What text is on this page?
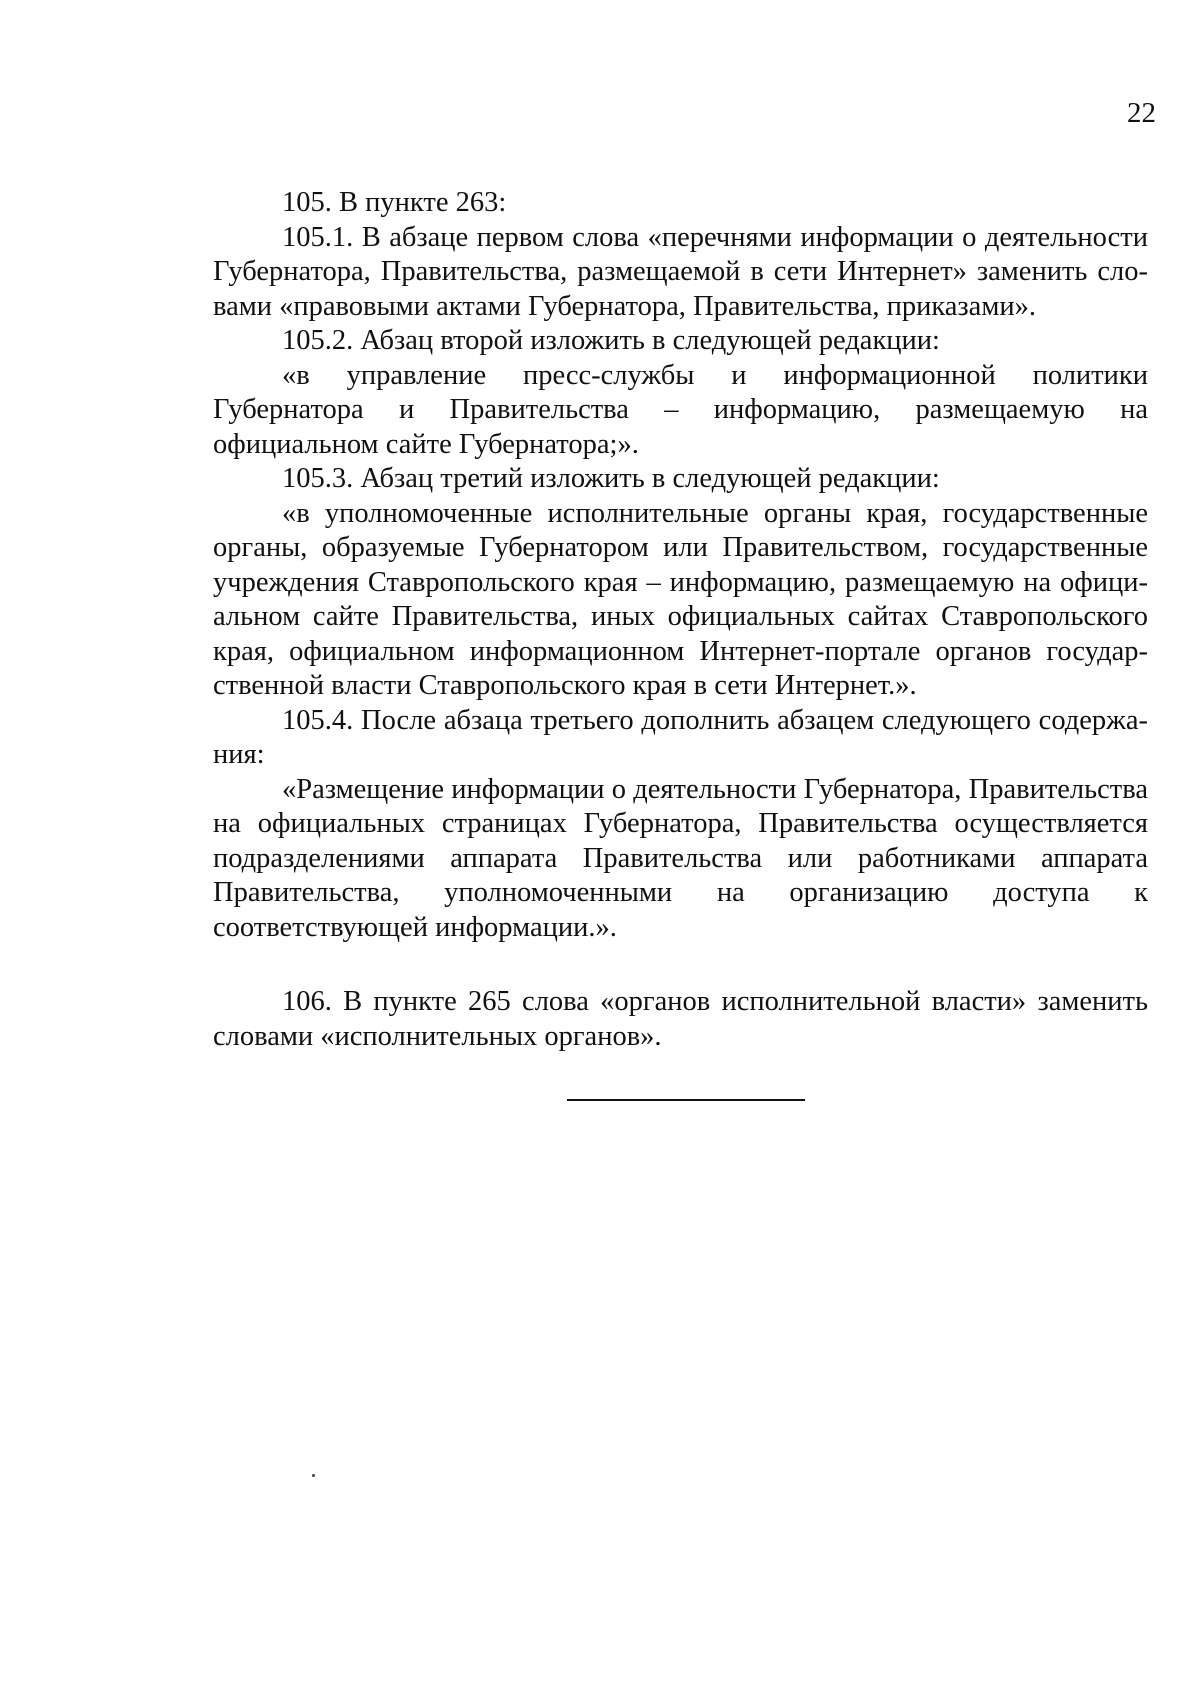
22

105. В пункте 263:

105.1. В абзаце первом слова «перечнями информации о деятельности Губернатора, Правительства, размещаемой в сети Интернет» заменить словами «правовыми актами Губернатора, Правительства, приказами».

105.2. Абзац второй изложить в следующей редакции:

«в управление пресс-службы и информационной политики Губернатора и Правительства – информацию, размещаемую на официальном сайте Губернатора;».

105.3. Абзац третий изложить в следующей редакции:

«в уполномоченные исполнительные органы края, государственные органы, образуемые Губернатором или Правительством, государственные учреждения Ставропольского края – информацию, размещаемую на официальном сайте Правительства, иных официальных сайтах Ставропольского края, официальном информационном Интернет-портале органов государственной власти Ставропольского края в сети Интернет.».

105.4. После абзаца третьего дополнить абзацем следующего содержания:

«Размещение информации о деятельности Губернатора, Правительства на официальных страницах Губернатора, Правительства осуществляется подразделениями аппарата Правительства или работниками аппарата Правительства, уполномоченными на организацию доступа к соответствующей информации.».

106. В пункте 265 слова «органов исполнительной власти» заменить словами «исполнительных органов».
